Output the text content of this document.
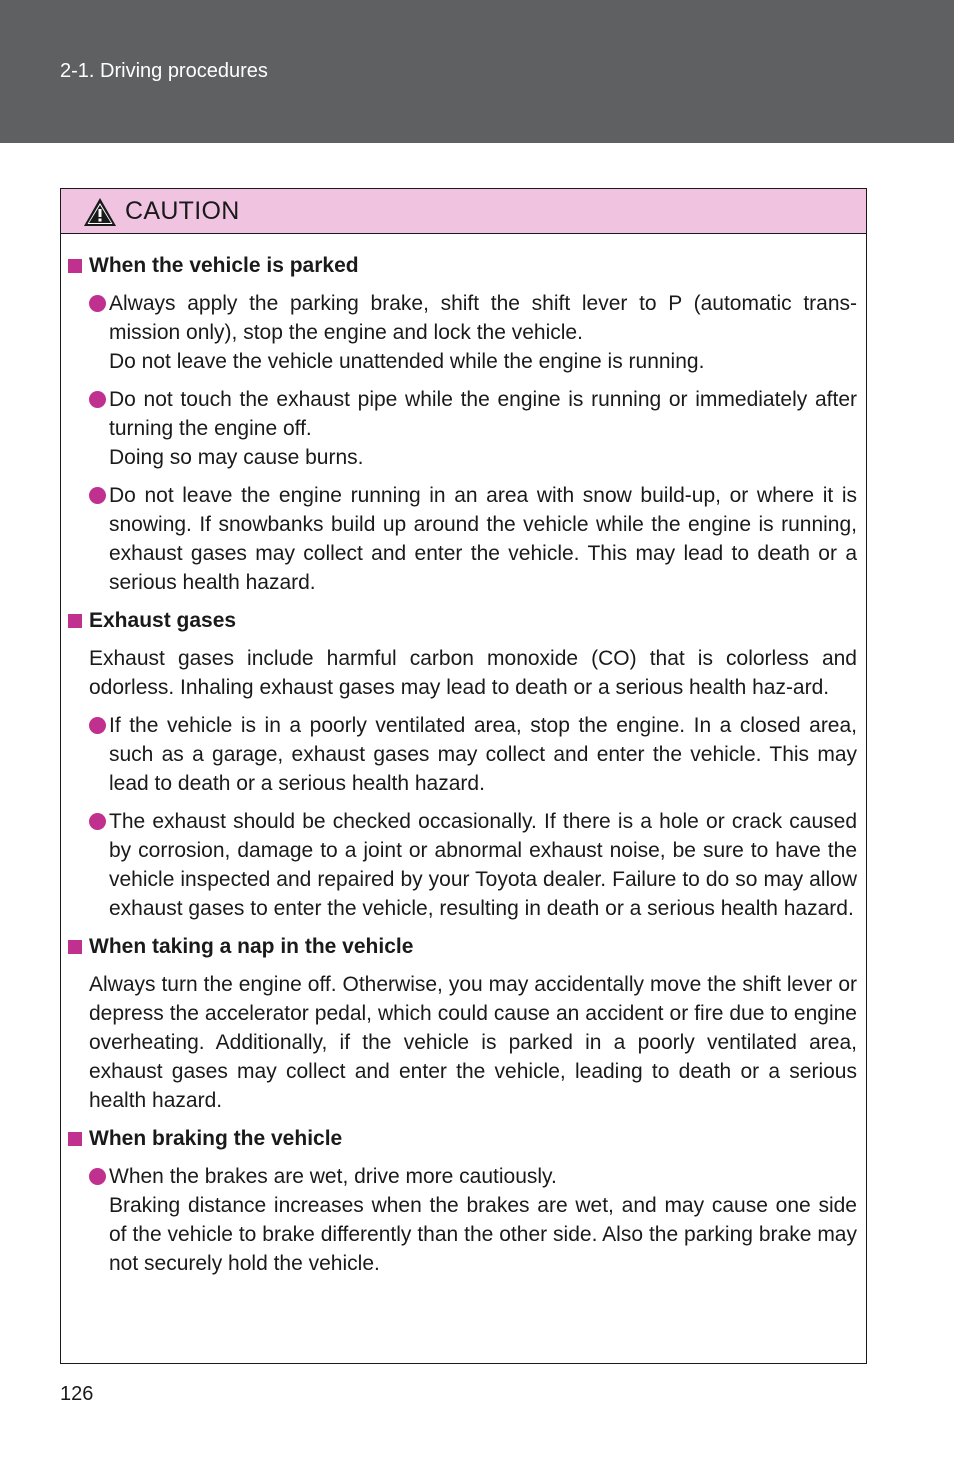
2-1. Driving procedures
CAUTION
When the vehicle is parked

Always apply the parking brake, shift the shift lever to P (automatic trans-mission only), stop the engine and lock the vehicle.

Do not leave the vehicle unattended while the engine is running.

Do not touch the exhaust pipe while the engine is running or immediately after turning the engine off.

Doing so may cause burns.

Do not leave the engine running in an area with snow build-up, or where it is snowing. If snowbanks build up around the vehicle while the engine is running, exhaust gases may collect and enter the vehicle. This may lead to death or a serious health hazard.

Exhaust gases

Exhaust gases include harmful carbon monoxide (CO) that is colorless and odorless. Inhaling exhaust gases may lead to death or a serious health haz-ard.

If the vehicle is in a poorly ventilated area, stop the engine. In a closed area, such as a garage, exhaust gases may collect and enter the vehicle. This may lead to death or a serious health hazard.

The exhaust should be checked occasionally. If there is a hole or crack caused by corrosion, damage to a joint or abnormal exhaust noise, be sure to have the vehicle inspected and repaired by your Toyota dealer. Failure to do so may allow exhaust gases to enter the vehicle, resulting in death or a serious health hazard.

When taking a nap in the vehicle

Always turn the engine off. Otherwise, you may accidentally move the shift lever or depress the accelerator pedal, which could cause an accident or fire due to engine overheating. Additionally, if the vehicle is parked in a poorly ventilated area, exhaust gases may collect and enter the vehicle, leading to death or a serious health hazard.

When braking the vehicle

When the brakes are wet, drive more cautiously.

Braking distance increases when the brakes are wet, and may cause one side of the vehicle to brake differently than the other side. Also the parking brake may not securely hold the vehicle.

126
